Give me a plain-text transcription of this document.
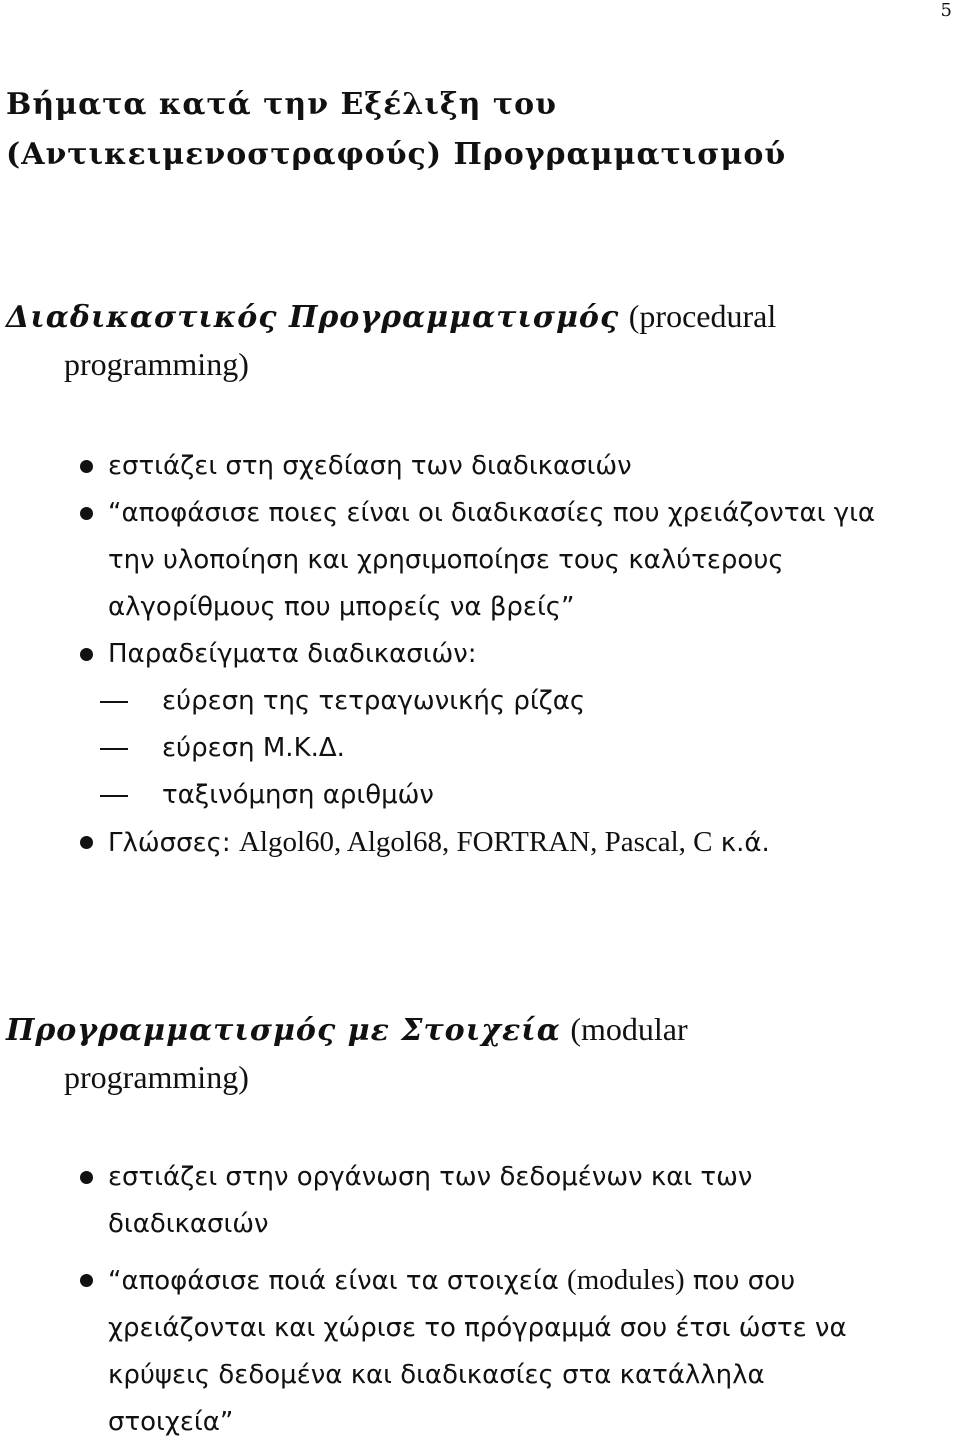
5
Βήματα κατά την Εξέλιξη του
(Αντικειμενοστραφούς) Προγραμματισμού
Διαδικαστικός Προγραμματισμός (procedural
programming)
εστιάζει στη σχεδίαση των διαδικασιών
“αποφάσισε ποιες είναι οι διαδικασίες που χρειάζονται για
την υλοποίηση και χρησιμοποίησε τους καλύτερους
αλγορίθμους που μπορείς να βρείς”
Παραδείγματα διαδικασιών:
εύρεση της τετραγωνικής ρίζας
εύρεση Μ.Κ.Δ.
ταξινόμηση αριθμών
Γλώσσες: Algol60, Algol68, FORTRAN, Pascal, C κ.ά.
Προγραμματισμός με Στοιχεία (modular
programming)
εστιάζει στην οργάνωση των δεδομένων και των
διαδικασιών
“αποφάσισε ποιά είναι τα στοιχεία (modules) που σου
χρειάζονται και χώρισε το πρόγραμμά σου έτσι ώστε να
κρύψεις δεδομένα και διαδικασίες στα κατάλληλα
στοιχεία”
